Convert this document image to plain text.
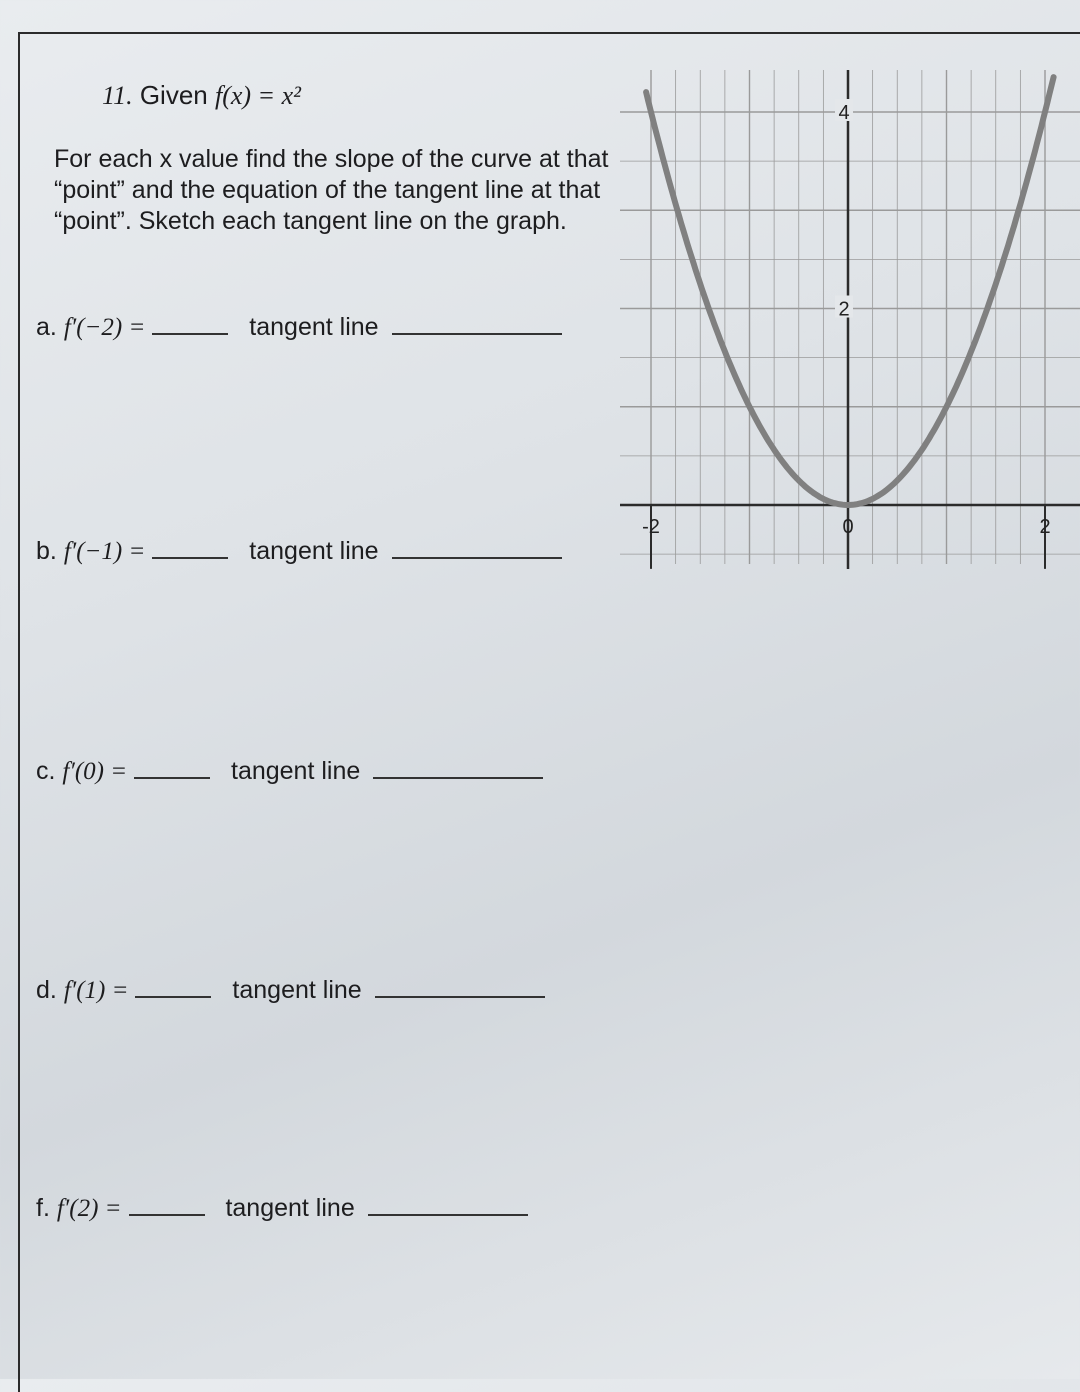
11. Given f(x) = x²
For each x value find the slope of the curve at that “point” and the equation of the tangent line at that “point”. Sketch each tangent line on the graph.
a. f′(−2) =	tangent line
b. f′(−1) =	tangent line
c. f′(0) =	tangent line
d. f′(1) =	tangent line
f. f′(2) =	tangent line
-2	0	2
2
4
